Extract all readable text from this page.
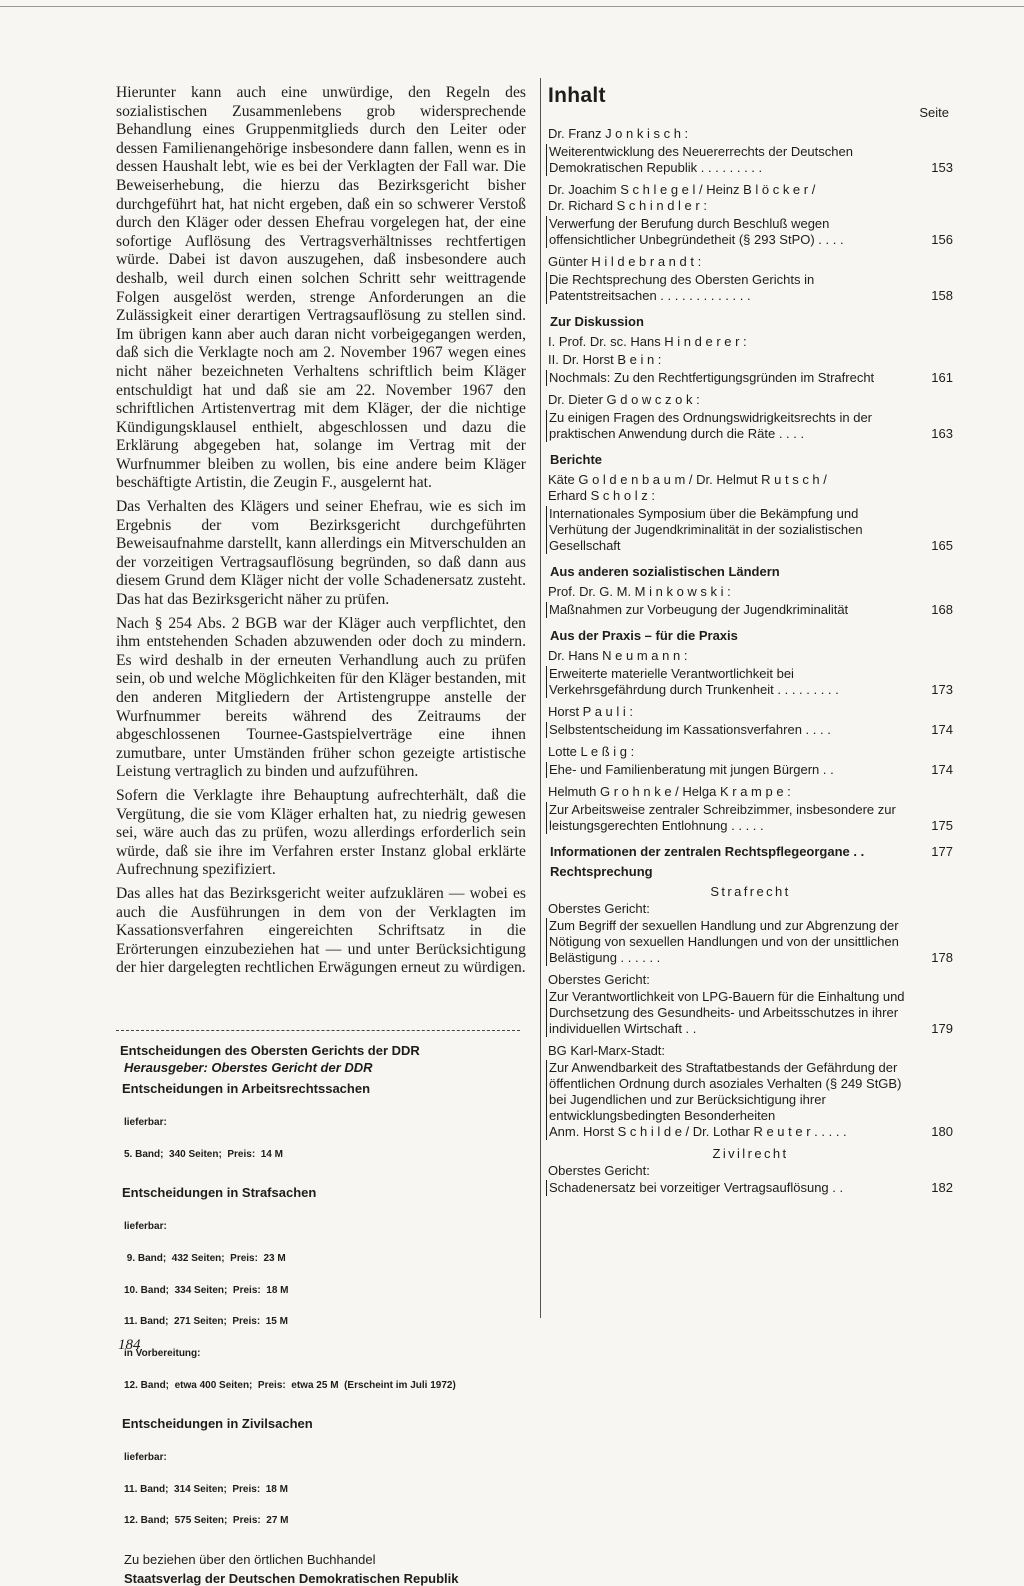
Hierunter kann auch eine unwürdige, den Regeln des sozialistischen Zusammenlebens grob widersprechende Behandlung eines Gruppenmitglieds durch den Leiter oder dessen Familienangehörige insbesondere dann fallen, wenn es in dessen Haushalt lebt, wie es bei der Verklagten der Fall war. Die Beweiserhebung, die hierzu das Bezirksgericht bisher durchgeführt hat, hat nicht ergeben, daß ein so schwerer Verstoß durch den Kläger oder dessen Ehefrau vorgelegen hat, der eine sofortige Auflösung des Vertragsverhältnisses rechtfertigen würde. Dabei ist davon auszugehen, daß insbesondere auch deshalb, weil durch einen solchen Schritt sehr weittragende Folgen ausgelöst werden, strenge Anforderungen an die Zulässigkeit einer derartigen Vertragsauflösung zu stellen sind. Im übrigen kann aber auch daran nicht vorbeigegangen werden, daß sich die Verklagte noch am 2. November 1967 wegen eines nicht näher bezeichneten Verhaltens schriftlich beim Kläger entschuldigt hat und daß sie am 22. November 1967 den schriftlichen Artistenvertrag mit dem Kläger, der die nichtige Kündigungsklausel enthielt, abgeschlossen und dazu die Erklärung abgegeben hat, solange im Vertrag mit der Wurfnummer bleiben zu wollen, bis eine andere beim Kläger beschäftigte Artistin, die Zeugin F., ausgelernt hat.

Das Verhalten des Klägers und seiner Ehefrau, wie es sich im Ergebnis der vom Bezirksgericht durchgeführten Beweisaufnahme darstellt, kann allerdings ein Mitverschulden an der vorzeitigen Vertragsauflösung begründen, so daß dann aus diesem Grund dem Kläger nicht der volle Schadenersatz zusteht. Das hat das Bezirksgericht näher zu prüfen.

Nach § 254 Abs. 2 BGB war der Kläger auch verpflichtet, den ihm entstehenden Schaden abzuwenden oder doch zu mindern. Es wird deshalb in der erneuten Verhandlung auch zu prüfen sein, ob und welche Möglichkeiten für den Kläger bestanden, mit den anderen Mitgliedern der Artistengruppe anstelle der Wurfnummer bereits während des Zeitraums der abgeschlossenen Tournee-Gastspielverträge eine ihnen zumutbare, unter Umständen früher schon gezeigte artistische Leistung vertraglich zu binden und aufzuführen.

Sofern die Verklagte ihre Behauptung aufrechterhält, daß die Vergütung, die sie vom Kläger erhalten hat, zu niedrig gewesen sei, wäre auch das zu prüfen, wozu allerdings erforderlich sein würde, daß sie ihre im Verfahren erster Instanz global erklärte Aufrechnung spezifiziert.

Das alles hat das Bezirksgericht weiter aufzuklären — wobei es auch die Ausführungen in dem von der Verklagten im Kassationsverfahren eingereichten Schriftsatz in die Erörterungen einzubeziehen hat — und unter Berücksichtigung der hier dargelegten rechtlichen Erwägungen erneut zu würdigen.

Entscheidungen des Obersten Gerichts der DDR
Herausgeber: Oberstes Gericht der DDR
Entscheidungen in Arbeitsrechtssachen

lieferbar:

5. Band;  340 Seiten;  Preis:  14 M

Entscheidungen in Strafsachen

lieferbar:

9. Band;  432 Seiten;  Preis:  23 M

10. Band;  334 Seiten;  Preis:  18 M

11. Band;  271 Seiten;  Preis:  15 M

in Vorbereitung:

12. Band;  etwa 400 Seiten;  Preis:  etwa 25 M  (Erscheint im Juli 1972)

Entscheidungen in Zivilsachen

lieferbar:

11. Band;  314 Seiten;  Preis:  18 M

12. Band;  575 Seiten;  Preis:  27 M

Zu beziehen über den örtlichen Buchhandel
Staatsverlag der Deutschen Demokratischen Republik
184
Inhalt
Seite
Dr. Franz J o n k i s c h :
Weiterentwicklung des Neuererrechts der Deutschen Demokratischen Republik . . . . . . . . .	153
Dr. Joachim S c h l e g e l / Heinz B l ö c k e r /
Dr. Richard S c h i n d l e r :
Verwerfung der Berufung durch Beschluß wegen offensichtlicher Unbegründetheit (§ 293 StPO) . . . .	156
Günter H i l d e b r a n d t :
Die Rechtsprechung des Obersten Gerichts in Patentstreitsachen . . . . . . . . . . . . .	158
Zur Diskussion
I. Prof. Dr. sc. Hans H i n d e r e r :
II. Dr. Horst B e i n :
Nochmals: Zu den Rechtfertigungsgründen im Strafrecht	161
Dr. Dieter G d o w c z o k :
Zu einigen Fragen des Ordnungswidrigkeitsrechts in der praktischen Anwendung durch die Räte . . . .	163
Berichte
Käte G o l d e n b a u m / Dr. Helmut R u t s c h /
Erhard S c h o l z :
Internationales Symposium über die Bekämpfung und Verhütung der Jugendkriminalität in der sozialistischen Gesellschaft	165
Aus anderen sozialistischen Ländern
Prof. Dr. G. M. M i n k o w s k i :
Maßnahmen zur Vorbeugung der Jugendkriminalität	168
Aus der Praxis – für die Praxis
Dr. Hans N e u m a n n :
Erweiterte materielle Verantwortlichkeit bei Verkehrsgefährdung durch Trunkenheit . . . . . . . . .	173
Horst P a u l i :
Selbstentscheidung im Kassationsverfahren . . . .	174
Lotte L e ß i g :
Ehe- und Familienberatung mit jungen Bürgern . .	174
Helmuth G r o h n k e / Helga K r a m p e :
Zur Arbeitsweise zentraler Schreibzimmer, insbesondere zur leistungsgerechten Entlohnung . . . . .	175
Informationen der zentralen Rechtspflegeorgane . .	177
Rechtsprechung
Strafrecht
Oberstes Gericht:
Zum Begriff der sexuellen Handlung und zur Abgrenzung der Nötigung von sexuellen Handlungen und von der unsittlichen Belästigung . . . . . .	178
Oberstes Gericht:
Zur Verantwortlichkeit von LPG-Bauern für die Einhaltung und Durchsetzung des Gesundheits- und Arbeitsschutzes in ihrer individuellen Wirtschaft . .	179
BG Karl-Marx-Stadt:
Zur Anwendbarkeit des Straftatbestands der Gefährdung der öffentlichen Ordnung durch asoziales Verhalten (§ 249 StGB) bei Jugendlichen und zur Berücksichtigung ihrer entwicklungsbedingten Besonderheiten
Anm. Horst S c h i l d e / Dr. Lothar R e u t e r . . . . .	180
Zivilrecht
Oberstes Gericht:
Schadenersatz bei vorzeitiger Vertragsauflösung . .	182
